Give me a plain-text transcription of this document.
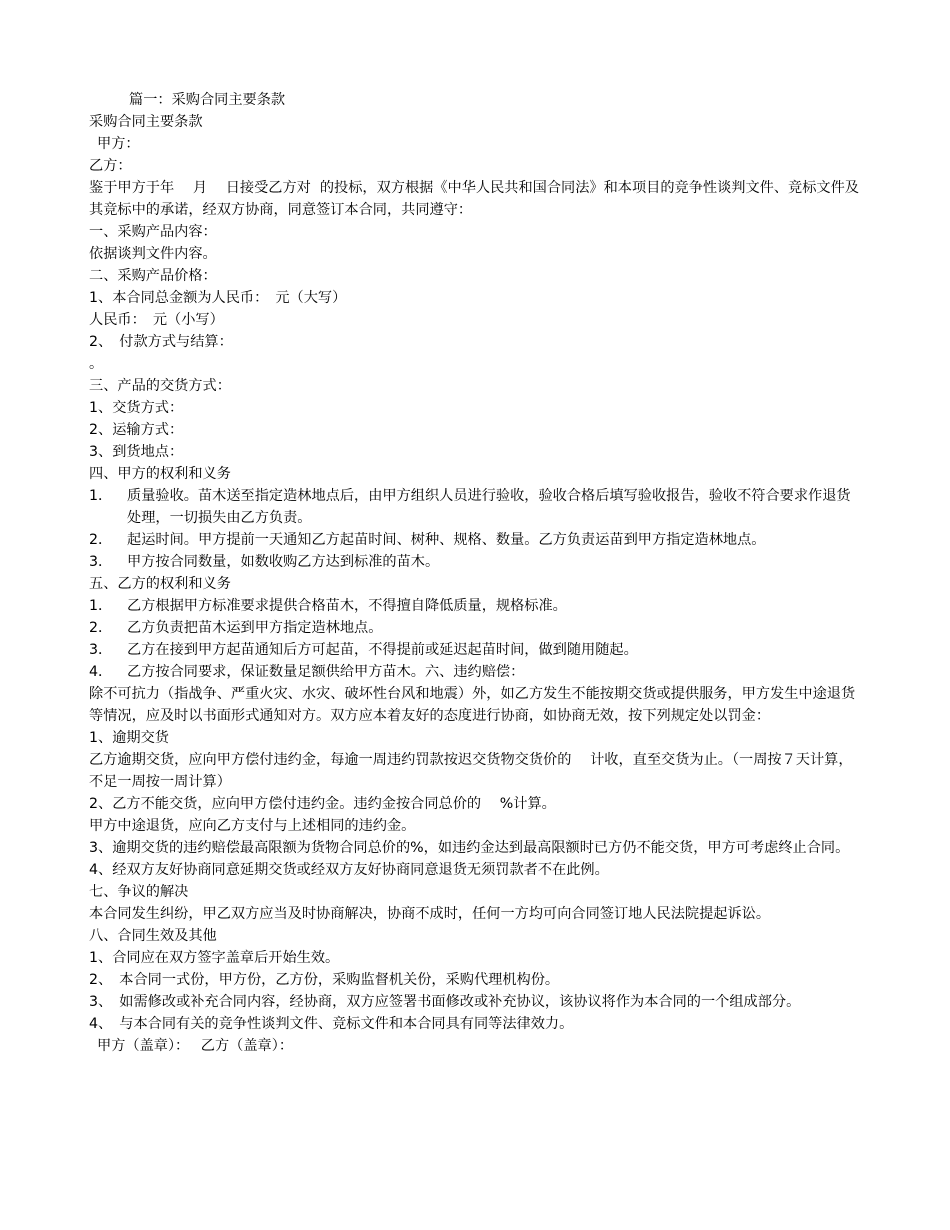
篇一：采购合同主要条款

采购合同主要条款

甲方：

乙方：

鉴于甲方于年　 月　 日接受乙方对  的投标，双方根据《中华人民共和国合同法》和本项目的竞争性谈判文件、竞标文件及其竞标中的承诺，经双方协商，同意签订本合同，共同遵守：

一、采购产品内容：

依据谈判文件内容。

二、采购产品价格：

1、本合同总金额为人民币：　元（大写）

人民币：　元（小写）

2、　付款方式与结算：

。

三、产品的交货方式：

1、交货方式：

2、运输方式：

3、到货地点：

四、甲方的权利和义务

1．	质量验收。苗木送至指定造林地点后，由甲方组织人员进行验收，验收合格后填写验收报告，验收不符合要求作退货处理，一切损失由乙方负责。
2．	起运时间。甲方提前一天通知乙方起苗时间、树种、规格、数量。乙方负责运苗到甲方指定造林地点。
3．	甲方按合同数量，如数收购乙方达到标准的苗木。

五、乙方的权利和义务

1．	乙方根据甲方标准要求提供合格苗木，不得擅自降低质量，规格标准。
2．	乙方负责把苗木运到甲方指定造林地点。
3．	乙方在接到甲方起苗通知后方可起苗，不得提前或延迟起苗时间，做到随用随起。
4．	乙方按合同要求，保证数量足额供给甲方苗木。六、违约赔偿：

除不可抗力（指战争、严重火灾、水灾、破坏性台风和地震）外，如乙方发生不能按期交货或提供服务，甲方发生中途退货等情况，应及时以书面形式通知对方。双方应本着友好的态度进行协商，如协商无效，按下列规定处以罚金：

1、逾期交货

乙方逾期交货，应向甲方偿付违约金，每逾一周违约罚款按迟交货物交货价的　 计收，直至交货为止。（一周按７天计算，不足一周按一周计算）

2、乙方不能交货，应向甲方偿付违约金。违约金按合同总价的　 %计算。

甲方中途退货，应向乙方支付与上述相同的违约金。

3、逾期交货的违约赔偿最高限额为货物合同总价的%，如违约金达到最高限额时已方仍不能交货，甲方可考虑终止合同。

4、经双方友好协商同意延期交货或经双方友好协商同意退货无须罚款者不在此例。

七、争议的解决

本合同发生纠纷，甲乙双方应当及时协商解决，协商不成时，任何一方均可向合同签订地人民法院提起诉讼。

八、合同生效及其他

1、合同应在双方签字盖章后开始生效。

2、　本合同一式份，甲方份，乙方份，采购监督机关份，采购代理机构份。

3、　如需修改或补充合同内容，经协商，双方应签署书面修改或补充协议，该协议将作为本合同的一个组成部分。

4、　与本合同有关的竞争性谈判文件、竞标文件和本合同具有同等法律效力。

甲方（盖章）：　 乙方（盖章）：
